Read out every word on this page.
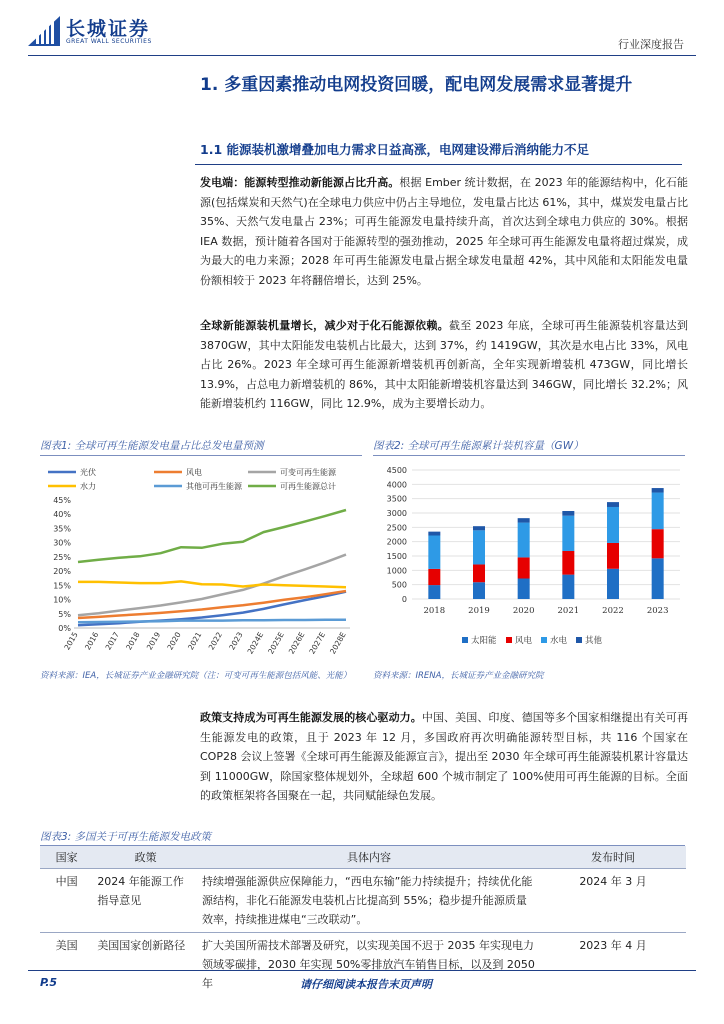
长城证券
GREAT WALL SECURITIES	行业深度报告
1. 多重因素推动电网投资回暖，配电网发展需求显著提升
1.1 能源装机激增叠加电力需求日益高涨，电网建设滞后消纳能力不足
发电端：能源转型推动新能源占比升高。根据 Ember 统计数据，在 2023 年的能源结构中，化石能源(包括煤炭和天然气)在全球电力供应中仍占主导地位，发电量占比达 61%，其中，煤炭发电量占比 35%、天然气发电量占 23%；可再生能源发电量持续升高，首次达到全球电力供应的 30%。根据 IEA 数据，预计随着各国对于能源转型的强劲推动，2025 年全球可再生能源发电量将超过煤炭，成为最大的电力来源；2028 年可再生能源发电量占据全球发电量超 42%，其中风能和太阳能发电量份额相较于 2023 年将翻倍增长，达到 25%。
全球新能源装机量增长，减少对于化石能源依赖。截至 2023 年底，全球可再生能源装机容量达到 3870GW，其中太阳能发电装机占比最大，达到 37%，约 1419GW，其次是水电占比 33%，风电占比 26%。2023 年全球可再生能源新增装机再创新高，全年实现新增装机 473GW，同比增长 13.9%，占总电力新增装机的 86%，其中太阳能新增装机容量达到 346GW，同比增长 32.2%；风能新增装机约 116GW，同比 12.9%，成为主要增长动力。
图表1: 全球可再生能源发电量占比总发电量预测
光伏	风电	可变可再生能源
水力	其他可再生能源	可再生能源总计
0%
5%
10%
15%
20%
25%
30%
35%
40%
45%
2015 2016 2017 2018 2019 2020 2021 2022 2023 2024E 2025E 2026E 2027E 2028E
资料来源：IEA，长城证券产业金融研究院（注：可变可再生能源包括风能、光能）
图表2: 全球可再生能源累计装机容量（GW）
0
500
1000
1500
2000
2500
3000
3500
4000
4500
2018	2019	2020	2021	2022	2023
太阳能 风电 水电 其他
资料来源：IRENA，长城证券产业金融研究院
政策支持成为可再生能源发展的核心驱动力。中国、美国、印度、德国等多个国家相继提出有关可再生能源发电的政策，且于 2023 年 12 月，多国政府再次明确能源转型目标，共 116 个国家在 COP28 会议上签署《全球可再生能源及能源宣言》，提出至 2030 年全球可再生能源装机累计容量达到 11000GW，除国家整体规划外，全球超 600 个城市制定了 100%使用可再生能源的目标。全面的政策框架将各国聚在一起，共同赋能绿色发展。
图表3: 多国关于可再生能源发电政策
国家	政策	具体内容	发布时间
中国	2024 年能源工作指导意见	持续增强能源供应保障能力，“西电东输”能力持续提升；持续优化能源结构，非化石能源发电装机占比提高到 55%；稳步提升能源质量效率，持续推进煤电“三改联动”。	2024 年 3 月
美国	美国国家创新路径	扩大美国所需技术部署及研究，以实现美国不迟于 2035 年实现电力领域零碳排，2030 年实现 50%零排放汽车销售目标，以及到 2050 年	2023 年 4 月
P.5	请仔细阅读本报告末页声明
